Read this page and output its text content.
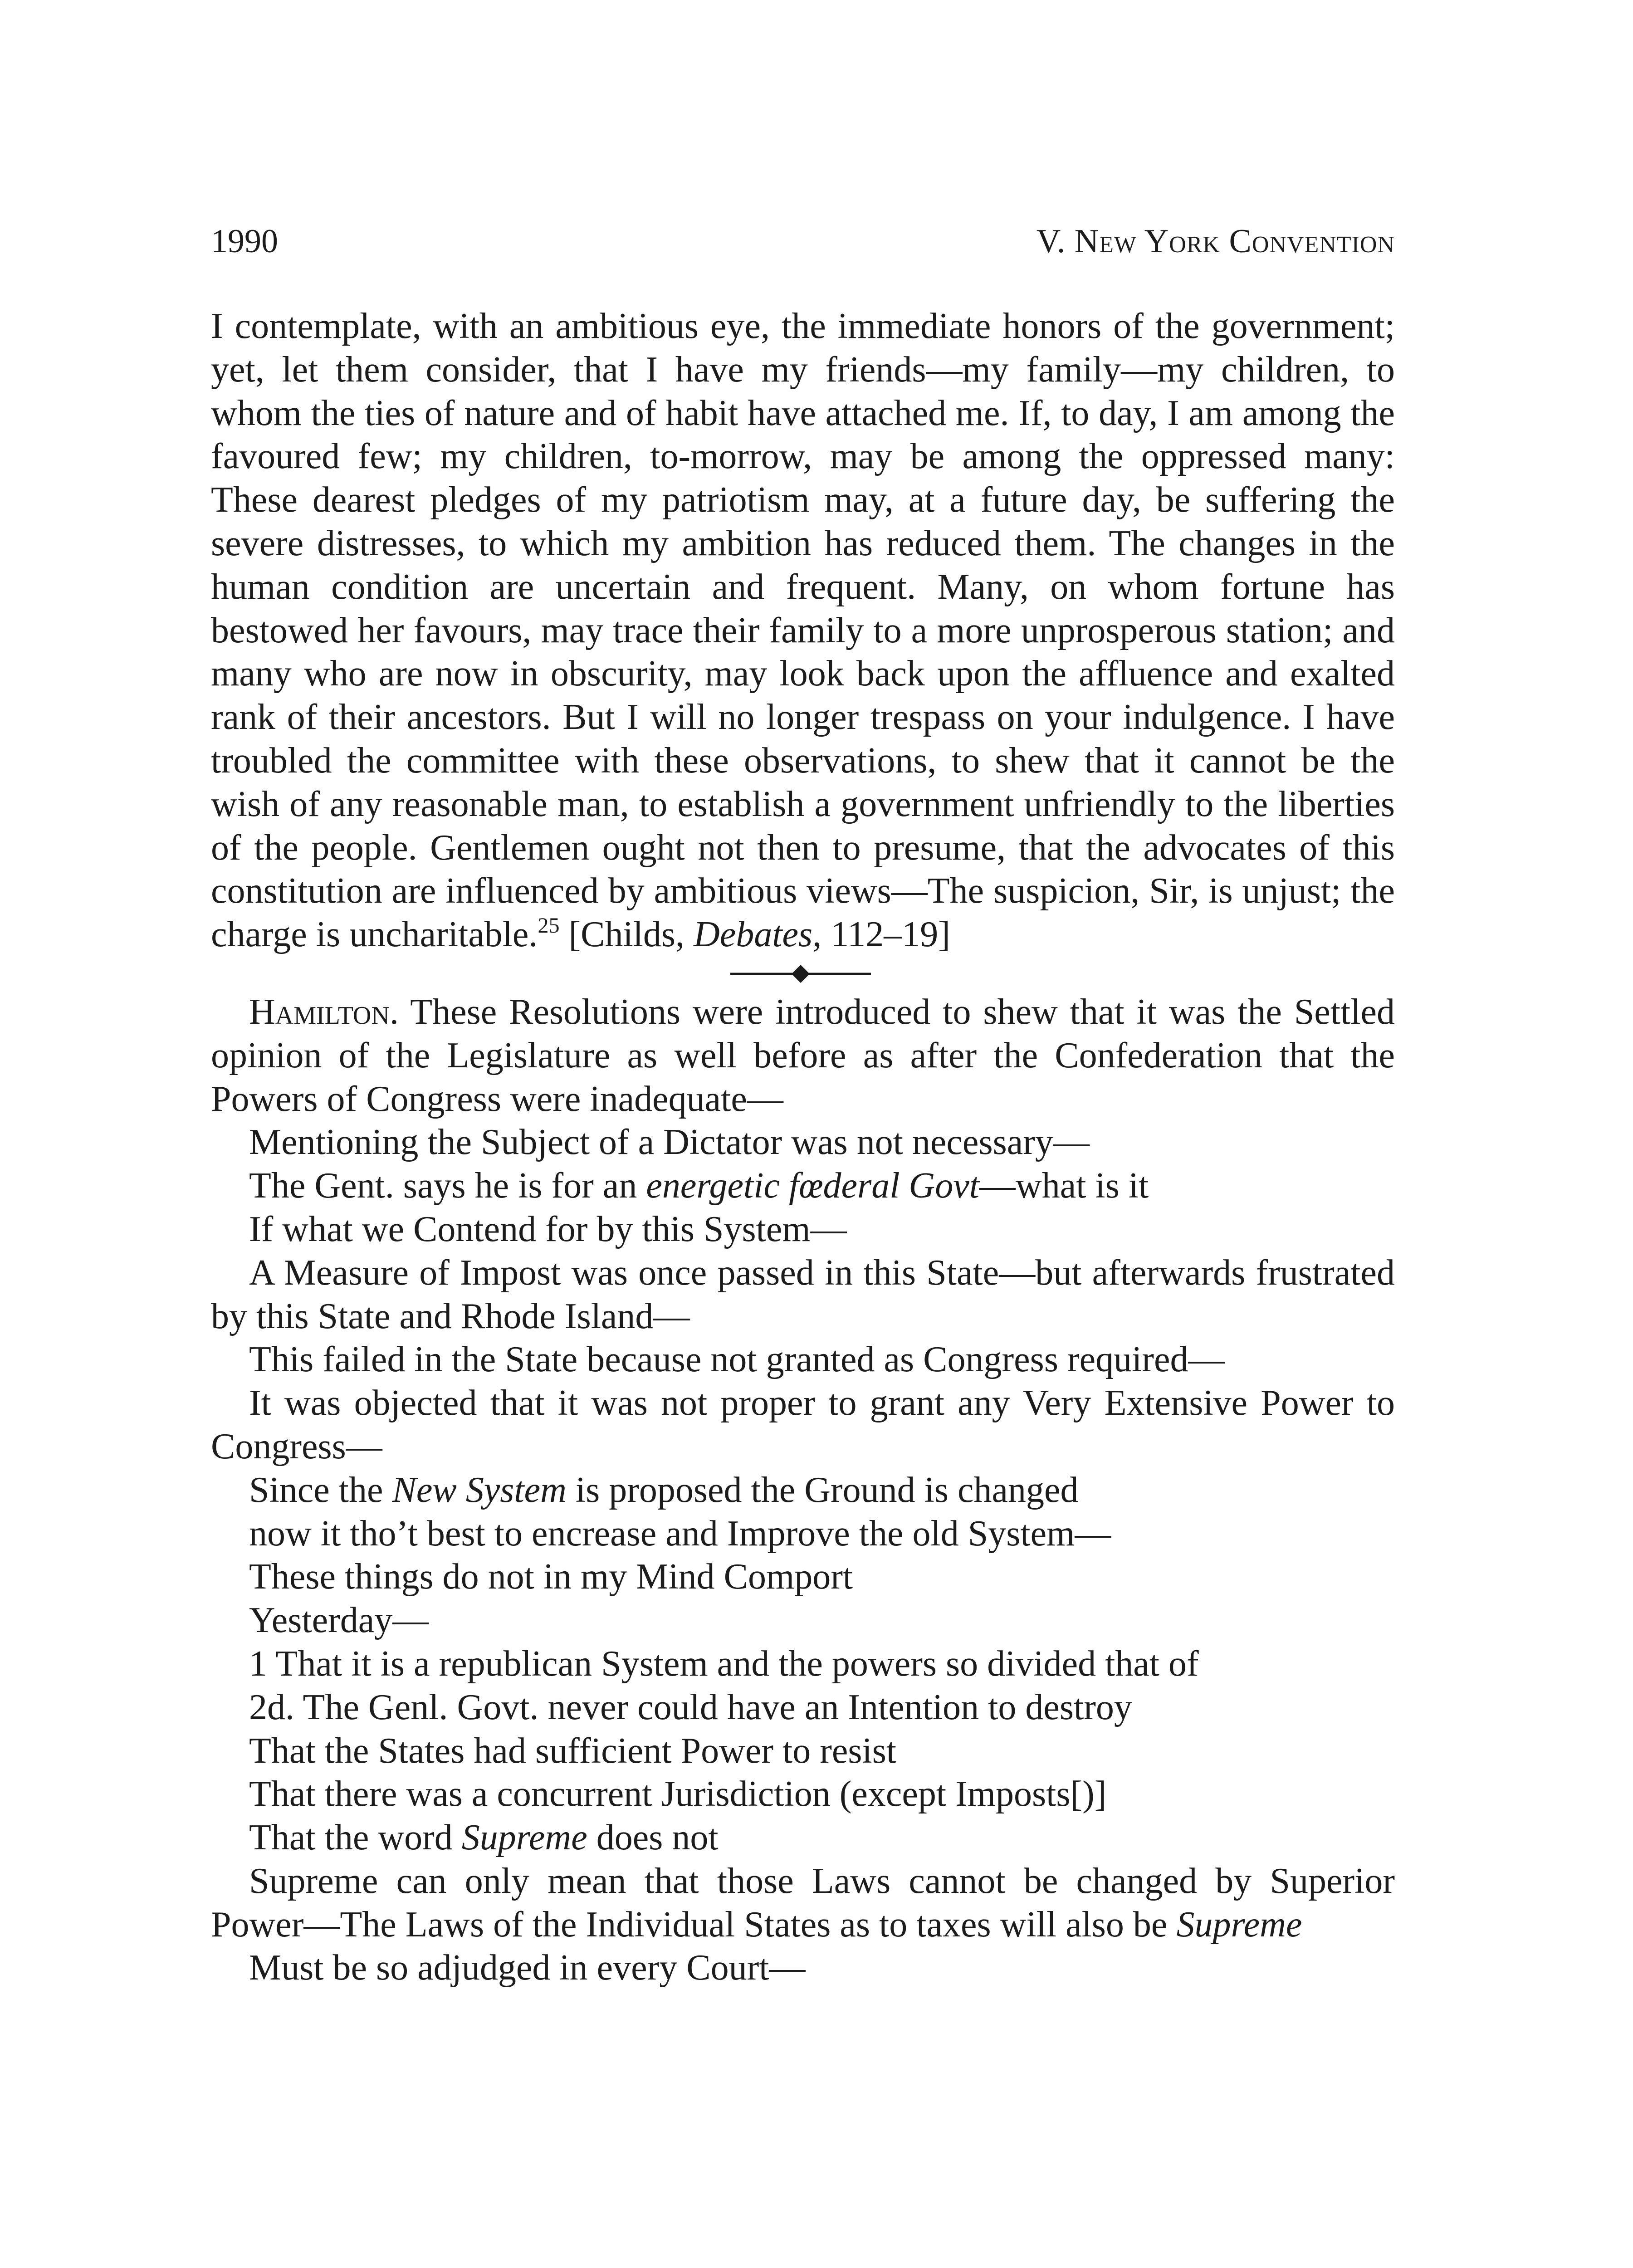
1990	V. New York Convention

I contemplate, with an ambitious eye, the immediate honors of the government; yet, let them consider, that I have my friends—my family—my children, to whom the ties of nature and of habit have attached me. If, to day, I am among the favoured few; my children, to-morrow, may be among the oppressed many: These dearest pledges of my patriotism may, at a future day, be suffering the severe distresses, to which my ambition has reduced them. The changes in the human condition are uncertain and frequent. Many, on whom fortune has bestowed her favours, may trace their family to a more unprosperous station; and many who are now in obscurity, may look back upon the affluence and exalted rank of their ancestors. But I will no longer trespass on your indulgence. I have troubled the committee with these observations, to shew that it cannot be the wish of any reasonable man, to establish a government unfriendly to the liberties of the people. Gentlemen ought not then to presume, that the advocates of this constitution are influenced by ambitious views—The suspicion, Sir, is unjust; the charge is uncharitable.$^{25}$ [Childs, Debates, 112–19]

Hamilton. These Resolutions were introduced to shew that it was the Settled opinion of the Legislature as well before as after the Confederation that the Powers of Congress were inadequate—

Mentioning the Subject of a Dictator was not necessary—

The Gent. says he is for an energetic fœderal Govt—what is it

If what we Contend for by this System—

A Measure of Impost was once passed in this State—but afterwards frustrated by this State and Rhode Island—

This failed in the State because not granted as Congress required—

It was objected that it was not proper to grant any Very Extensive Power to Congress—

Since the New System is proposed the Ground is changed

now it tho’t best to encrease and Improve the old System—

These things do not in my Mind Comport

Yesterday—

1 That it is a republican System and the powers so divided that of

2d. The Genl. Govt. never could have an Intention to destroy

That the States had sufficient Power to resist

That there was a concurrent Jurisdiction (except Imposts[)]

That the word Supreme does not

Supreme can only mean that those Laws cannot be changed by Superior Power—The Laws of the Individual States as to taxes will also be Supreme

Must be so adjudged in every Court—
